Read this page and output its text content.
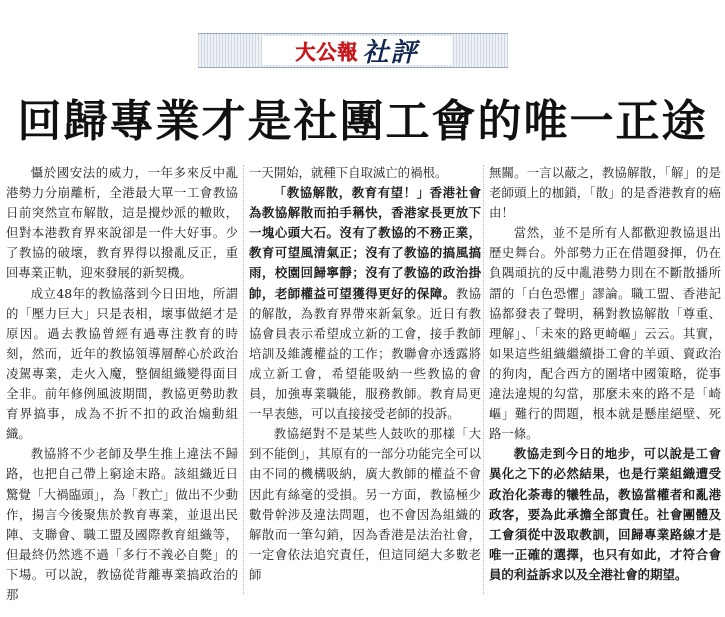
大公報 社評
回歸專業才是社團工會的唯一正途

懾於國安法的威力，一年多來反中亂港勢力分崩離析，全港最大單一工會教協日前突然宣布解散，這是攪炒派的轍敗，但對本港教育界來說卻是一件大好事。少了教協的破壞，教育界得以撥亂反正，重回專業正軌，迎來發展的新契機。

成立48年的教協落到今日田地，所謂的「壓力巨大」只是表相，壞事做絕才是原因。過去教協曾經有過專注教育的時刻，然而，近年的教協領導層醉心於政治凌駕專業，走火入魔，整個組織變得面目全非。前年修例風波期間，教協更勢助教育界搞事，成為不折不扣的政治煽動組織。

教協將不少老師及學生推上違法不歸路，也把自己帶上窮途末路。該組織近日驚覺「大禍臨頭」，為「教亡」做出不少動作，揚言今後聚焦於教育專業，並退出民陣、支聯會、職工盟及國際教育組織等，但最終仍然逃不過「多行不義必自斃」的下場。可以說，教協從背離專業搞政治的那

一天開始，就種下自取滅亡的禍根。

「教協解散，教育有望！」香港社會為教協解散而拍手稱快，香港家長更放下一塊心頭大石。沒有了教協的不務正業，教育可望風清氣正；沒有了教協的搞風搞雨，校園回歸寧靜；沒有了教協的政治掛帥，老師權益可望獲得更好的保障。教協的解散，為教育界帶來新氣象。近日有教協會員表示希望成立新的工會，接手教師培訓及維護權益的工作；教聯會亦透露將成立新工會，希望能吸納一些教協的會員，加強專業職能，服務教師。教育局更一早表態，可以直接接受老師的投訴。

教協絕對不是某些人鼓吹的那樣「大到不能倒」，其原有的一部分功能完全可以由不同的機構吸納，廣大教師的權益不會因此有絲毫的受損。另一方面，教協極少數骨幹涉及違法問題，也不會因為組織的解散而一筆勾銷，因為香港是法治社會，一定會依法追究責任，但這同絕大多數老師

無關。一言以蔽之，教協解散，「解」的是老師頭上的枷鎖，「散」的是香港教育的癌由！

當然，並不是所有人都歡迎教協退出歷史舞台。外部勢力正在借題發揮，仍在負隅頑抗的反中亂港勢力則在不斷散播所謂的「白色恐懼」謬論。職工盟、香港記協都發表了聲明，稱對教協解散「尊重、理解」、「未來的路更崎嶇」云云。其實，如果這些組織繼續掛工會的羊頭、賣政治的狗肉，配合西方的圍堵中國策略，從事違法違規的勾當，那麼未來的路不是「崎嶇」難行的問題，根本就是懸崖絕壁、死路一條。

教協走到今日的地步，可以說是工會異化之下的必然結果，也是行業組織遭受政治化荼毒的犧牲品，教協當權者和亂港政客，要為此承擔全部責任。社會團體及工會須從中汲取教訓，回歸專業路線才是唯一正確的選擇，也只有如此，才符合會員的利益訴求以及全港社會的期望。
